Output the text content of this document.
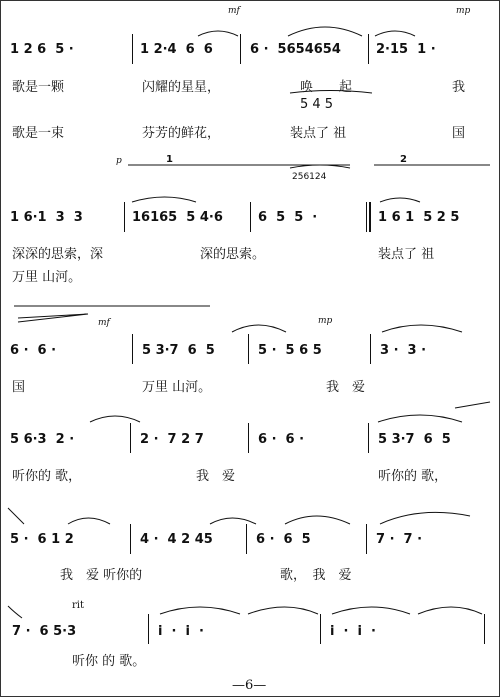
mf	mp
1 2 6  5 ·	1 2·4  6  6	6 ·  5654654	2·15  1 ·
歌是一颗	闪耀的星星，	唤　　起	我
5 4 5
歌是一束	芬芳的鲜花，	装点了 祖	国
p	1	2
256124
1 6·1  3  3	16165  5 4·6	6  5  5  ·	1 6 1  5 2 5
深深的思索，深	深的思索。	装点了 祖
万里 山河。
mf	mp
6 ·  6 ·	5 3·7  6  5	5 ·  5 6 5	3 ·  3 ·
国	万里 山河。	我　爱
5 6·3  2 ·	2 ·  7 2 7	6 ·  6 ·	5 3·7  6  5
听你的 歌，	我　爱	听你的 歌，
5 ·  6 1 2	4 ·  4 2 45	6 ·  6  5	7 ·  7 ·
我　爱 听你的	歌，　我　爱
rit
7 ·  6 5·3	i  ·  i  ·	i  ·  i  ·
听你 的 歌。
—6—
